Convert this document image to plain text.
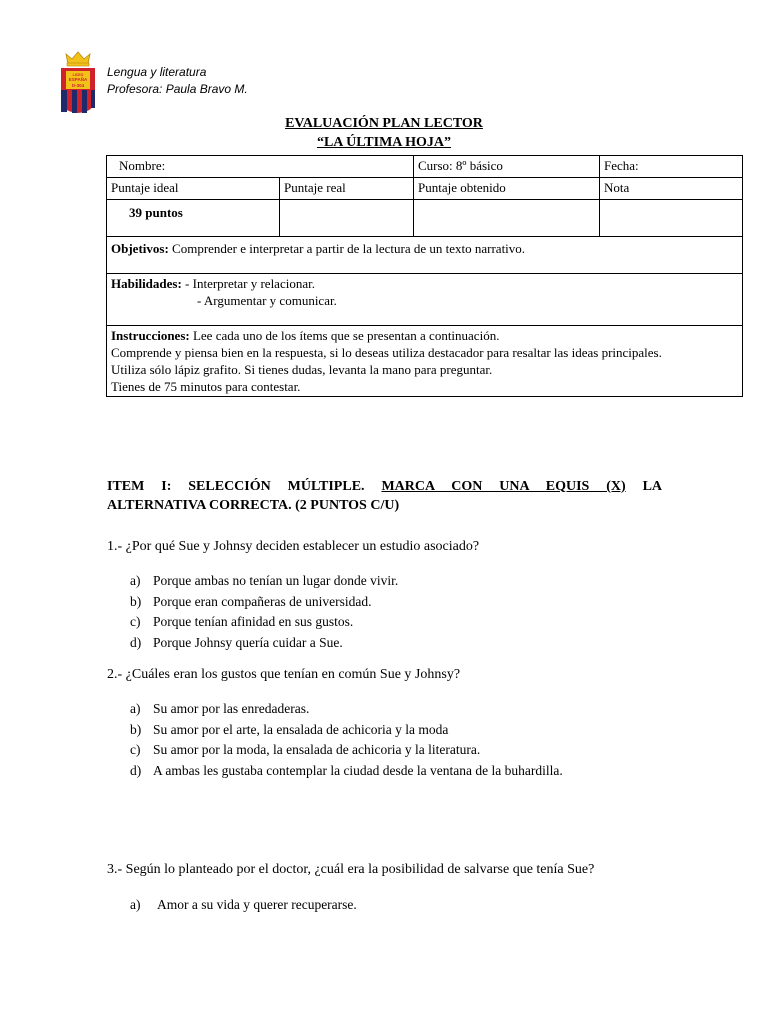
LICEO
ESPAÑA
D-304
Lengua y literatura
Profesora: Paula Bravo M.
EVALUACIÓN PLAN LECTOR
“LA ÚLTIMA HOJA”
Nombre:		Curso: 8º básico	Fecha:
Puntaje ideal	Puntaje real	Puntaje obtenido	Nota
39 puntos			
Objetivos: Comprender e interpretar a partir de la lectura de un texto narrativo.			

Habilidades: - Interpretar y relacionar.
- Argumentar y comunicar.			

Instrucciones: Lee cada uno de los ítems que se presentan a continuación.
Comprende y piensa bien en la respuesta, si lo deseas utiliza destacador para resaltar las ideas principales.
Utiliza sólo lápiz grafito. Si tienes dudas, levanta la mano para preguntar.
Tienes de 75 minutos para contestar.			
ITEM I: SELECCIÓN MÚLTIPLE. MARCA CON UNA EQUIS (X) LA
ALTERNATIVA CORRECTA. (2 PUNTOS C/U)
1.- ¿Por qué Sue y Johnsy deciden establecer un estudio asociado?
a) Porque ambas no tenían un lugar donde vivir.
b) Porque eran compañeras de universidad.
c) Porque tenían afinidad en sus gustos.
d) Porque Johnsy quería cuidar a Sue.
2.- ¿Cuáles eran los gustos que tenían en común Sue y Johnsy?
a) Su amor por las enredaderas.
b) Su amor por el arte, la ensalada de achicoria y la moda
c) Su amor por la moda, la ensalada de achicoria y la literatura.
d) A ambas les gustaba contemplar la ciudad desde la ventana de la buhardilla.
3.- Según lo planteado por el doctor, ¿cuál era la posibilidad de salvarse que tenía Sue?
a) Amor a su vida y querer recuperarse.
